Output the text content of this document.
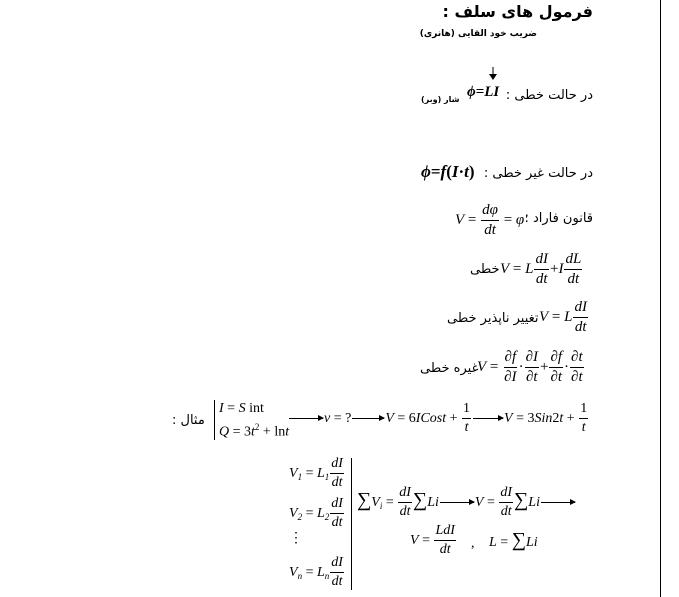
فرمول های سلف :
ضریب خود القایی (هانری)
در حالت خطی :
ϕ=LI
شار (وبر)
در حالت غیر خطی :
ϕ=f(I·t)
قانون فاراد :
$V = \frac{d\varphi}{dt} = \varphi'$
خطی V = L $\frac{dI}{dt} +I \frac{dL}{dt}$
تغییر ناپذیر خطی V = L $\frac{dI}{dt}$
غیره خطی
$V = \frac{\partial f}{\partial I} \cdot \frac{\partial I}{\partial t} + \frac{\partial f}{\partial t} \cdot \frac{\partial t}{\partial t}$
مثال :
I = S int
$Q = 3t^2 + \ln t$
v = ? V = 6ICost + $\frac{1}{t}$ $V = 3Sin2t + \frac{1}{t}$
$V_1 = L_1 \frac{dI}{dt}$
$V_2 = L_2 \frac{dI}{dt}$
⋮
$V_n = L_n \frac{dI}{dt}$
$\sum V_i = \frac{dI}{dt} \sum Li$	$V = \frac{dI}{dt} \sum Li$
$V = \frac{\text{LdI}}{dt}$ , L = ∑Li
